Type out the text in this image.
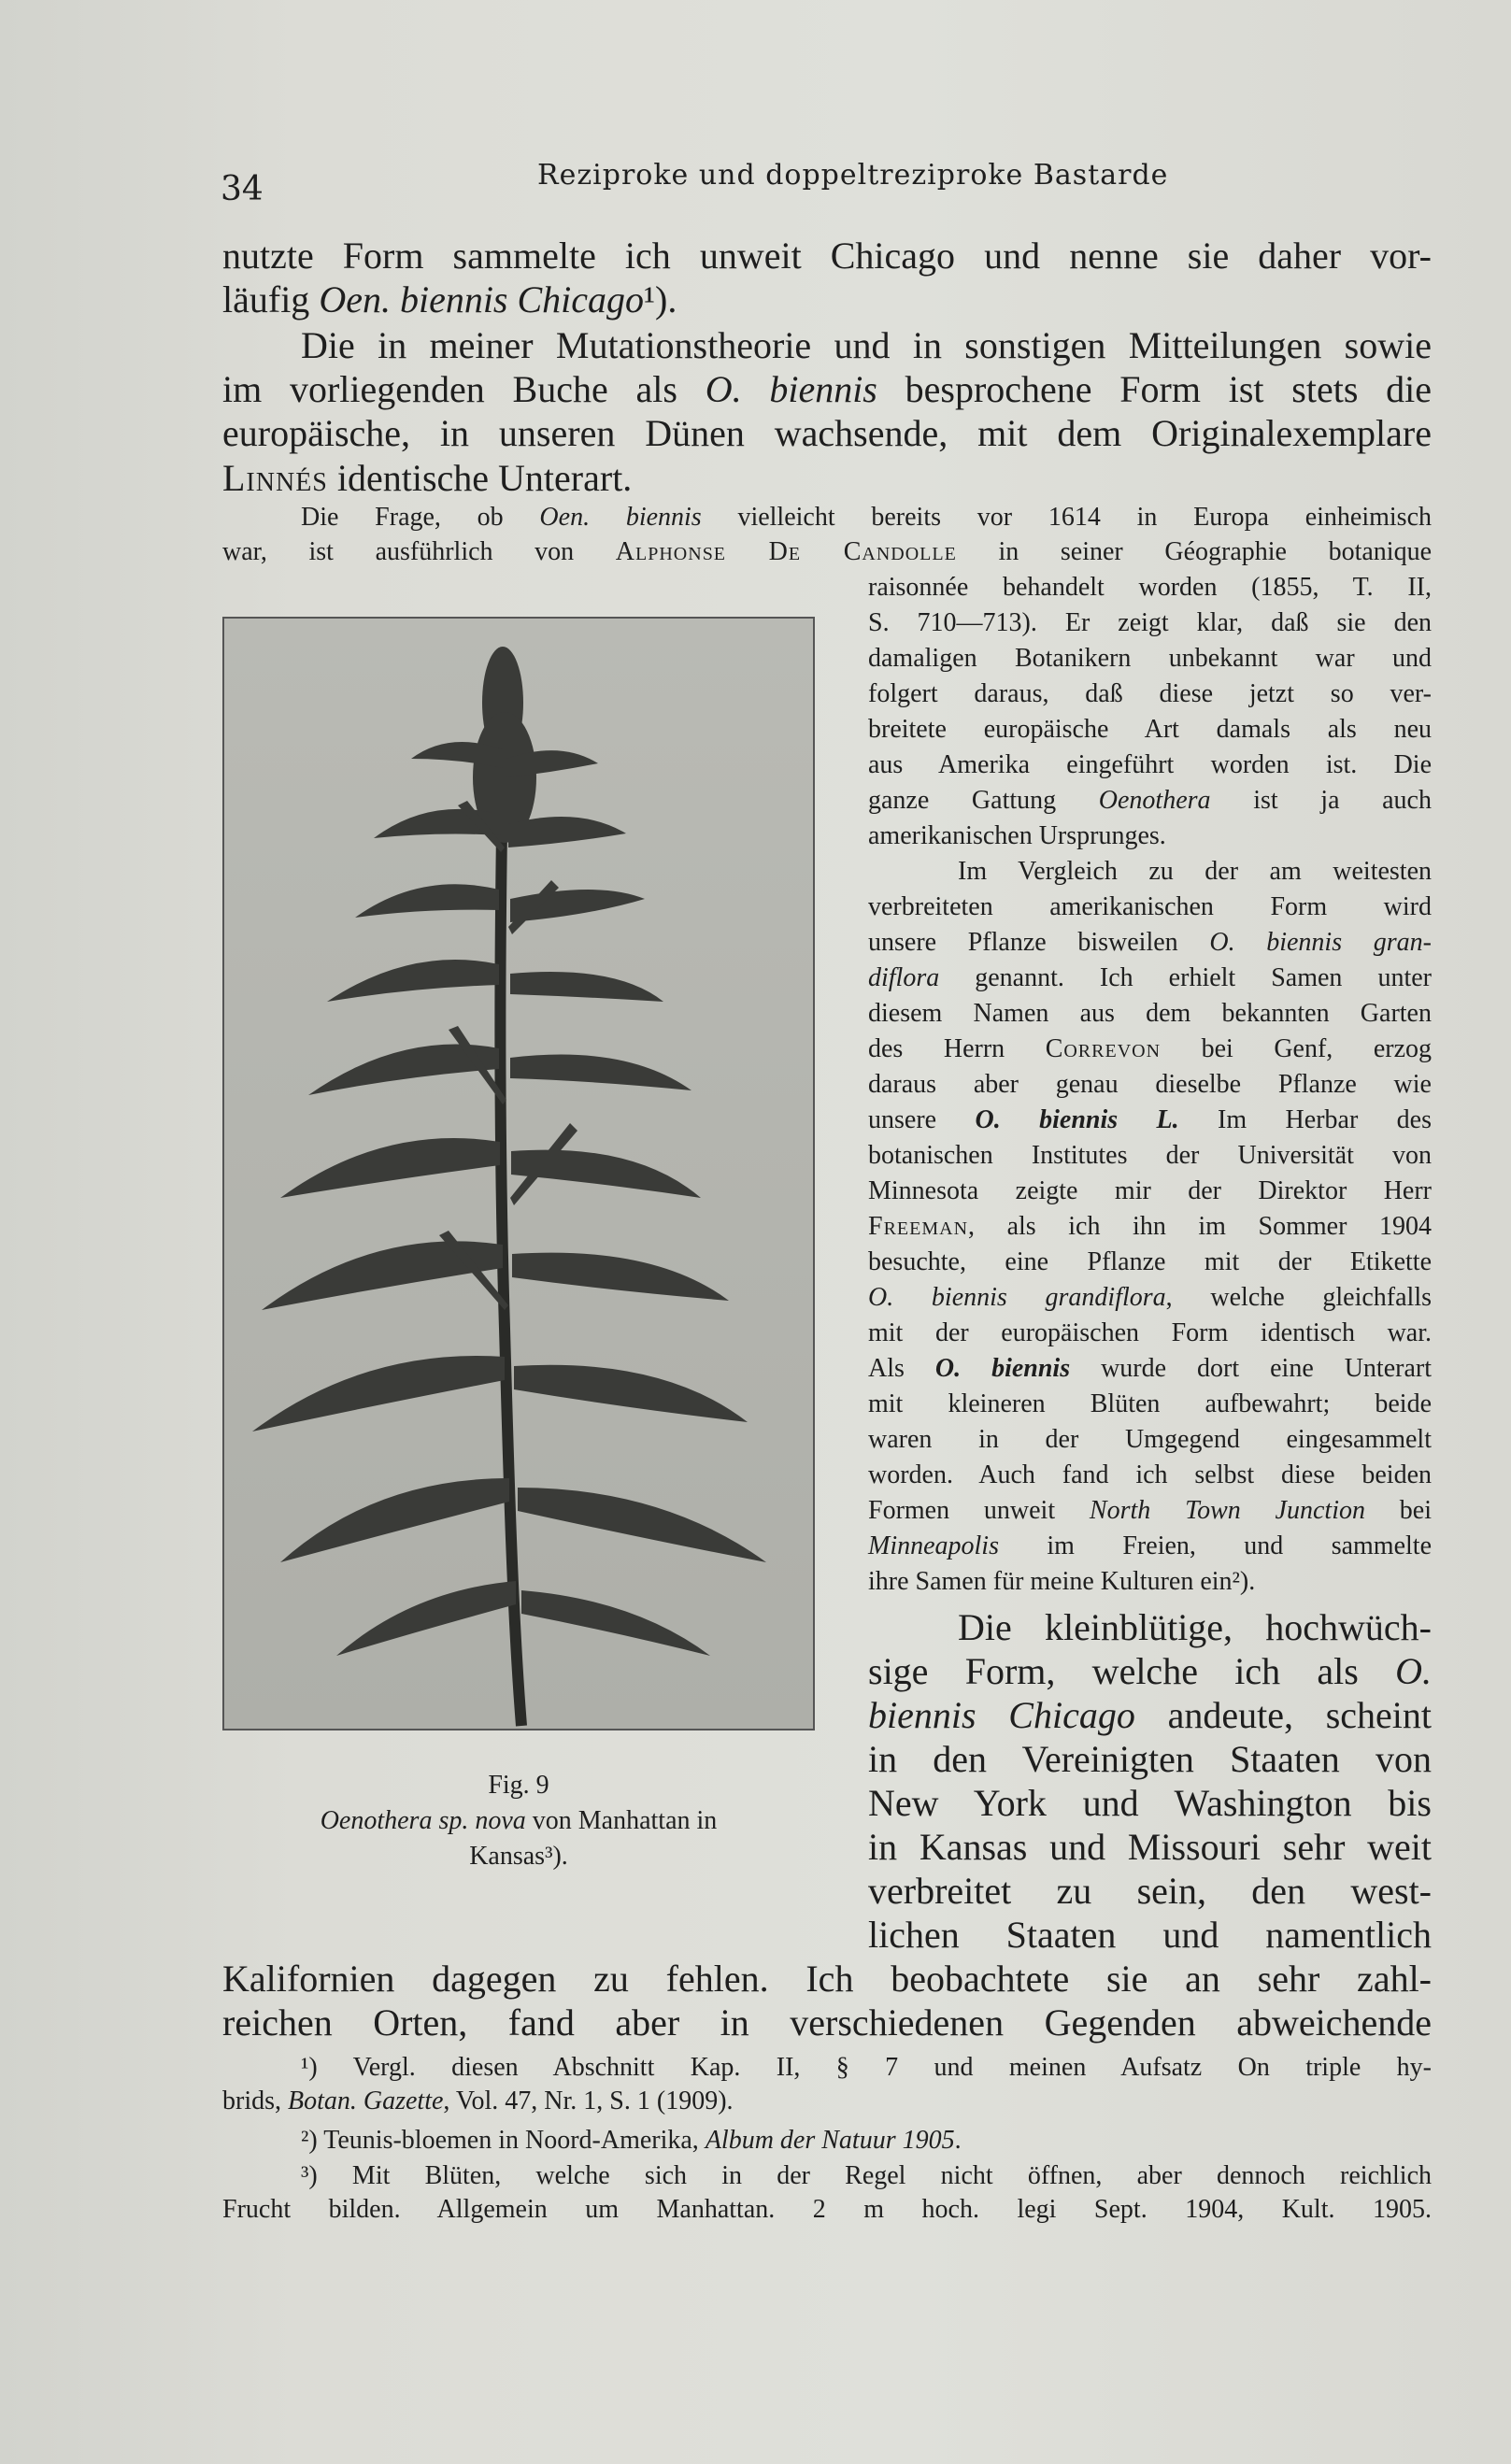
34	Reziproke und doppeltreziproke Bastarde
nutzte Form sammelte ich unweit Chicago und nenne sie daher vor-
läufig Oen. biennis Chicago¹).
Die in meiner Mutationstheorie und in sonstigen Mitteilungen sowie
im vorliegenden Buche als O. biennis besprochene Form ist stets die
europäische, in unseren Dünen wachsende, mit dem Originalexemplare
Linnés identische Unterart.
Die Frage, ob Oen. biennis vielleicht bereits vor 1614 in Europa einheimisch
war, ist ausführlich von Alphonse De Candolle in seiner Géographie botanique
raisonnée behandelt worden (1855, T. II,
S. 710—713). Er zeigt klar, daß sie den
damaligen Botanikern unbekannt war und
folgert daraus, daß diese jetzt so ver-
breitete europäische Art damals als neu
aus Amerika eingeführt worden ist. Die
ganze Gattung Oenothera ist ja auch
amerikanischen Ursprunges.
Im Vergleich zu der am weitesten
verbreiteten amerikanischen Form wird
unsere Pflanze bisweilen O. biennis gran-
diflora genannt. Ich erhielt Samen unter
diesem Namen aus dem bekannten Garten
des Herrn Correvon bei Genf, erzog
daraus aber genau dieselbe Pflanze wie
unsere O. biennis L. Im Herbar des
botanischen Institutes der Universität von
Minnesota zeigte mir der Direktor Herr
Freeman, als ich ihn im Sommer 1904
besuchte, eine Pflanze mit der Etikette
O. biennis grandiflora, welche gleichfalls
mit der europäischen Form identisch war.
Als O. biennis wurde dort eine Unterart
mit kleineren Blüten aufbewahrt; beide
waren in der Umgegend eingesammelt
worden. Auch fand ich selbst diese beiden
Formen unweit North Town Junction bei
Minneapolis im Freien, und sammelte
ihre Samen für meine Kulturen ein²).
Die kleinblütige, hochwüch-
sige Form, welche ich als O.
biennis Chicago andeute, scheint
in den Vereinigten Staaten von
New York und Washington bis
in Kansas und Missouri sehr weit
verbreitet zu sein, den west-
lichen Staaten und namentlich
Fig. 9
Oenothera sp. nova von Manhattan in
Kansas³).
Kalifornien dagegen zu fehlen. Ich beobachtete sie an sehr zahl-
reichen Orten, fand aber in verschiedenen Gegenden abweichende
¹) Vergl. diesen Abschnitt Kap. II, § 7 und meinen Aufsatz On triple hy-
brids, Botan. Gazette, Vol. 47, Nr. 1, S. 1 (1909).
²) Teunis-bloemen in Noord-Amerika, Album der Natuur 1905.
³) Mit Blüten, welche sich in der Regel nicht öffnen, aber dennoch reichlich
Frucht bilden. Allgemein um Manhattan. 2 m hoch. legi Sept. 1904, Kult. 1905.
